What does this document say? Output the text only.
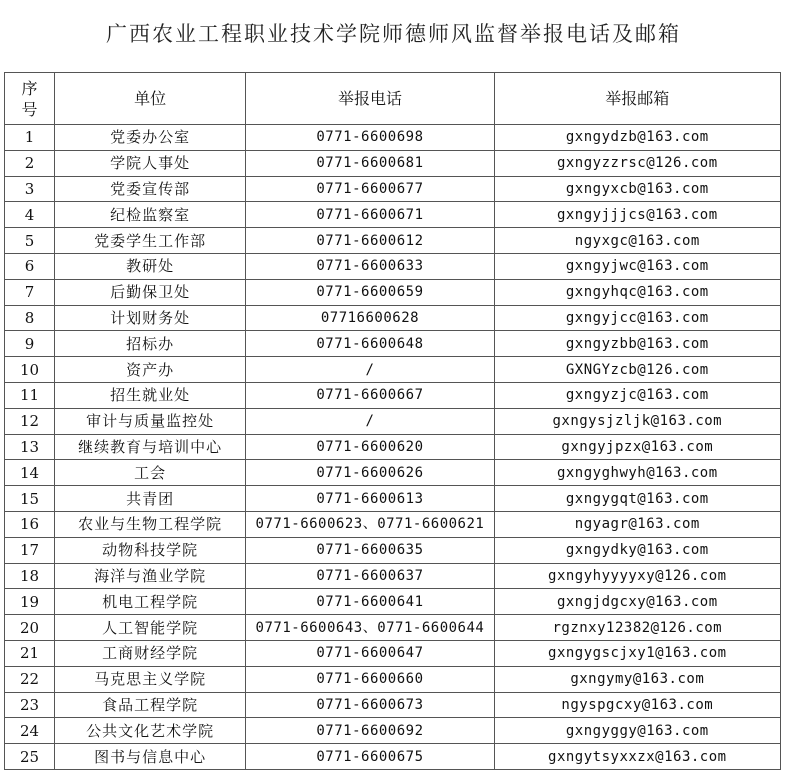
广西农业工程职业技术学院师德师风监督举报电话及邮箱
序
号	单位	举报电话	举报邮箱
1	党委办公室	0771-6600698	gxngydzb@163.com
2	学院人事处	0771-6600681	gxngyzzrsc@126.com
3	党委宣传部	0771-6600677	gxngyxcb@163.com
4	纪检监察室	0771-6600671	gxngyjjjcs@163.com
5	党委学生工作部	0771-6600612	ngyxgc@163.com
6	教研处	0771-6600633	gxngyjwc@163.com
7	后勤保卫处	0771-6600659	gxngyhqc@163.com
8	计划财务处	07716600628	gxngyjcc@163.com
9	招标办	0771-6600648	gxngyzbb@163.com
10	资产办	/	GXNGYzcb@126.com
11	招生就业处	0771-6600667	gxngyzjc@163.com
12	审计与质量监控处	/	gxngysjzljk@163.com
13	继续教育与培训中心	0771-6600620	gxngyjpzx@163.com
14	工会	0771-6600626	gxngyghwyh@163.com
15	共青团	0771-6600613	gxngygqt@163.com
16	农业与生物工程学院	0771-6600623、0771-6600621	ngyagr@163.com
17	动物科技学院	0771-6600635	gxngydky@163.com
18	海洋与渔业学院	0771-6600637	gxngyhyyyyxy@126.com
19	机电工程学院	0771-6600641	gxngjdgcxy@163.com
20	人工智能学院	0771-6600643、0771-6600644	rgznxy12382@126.com
21	工商财经学院	0771-6600647	gxngygscjxy1@163.com
22	马克思主义学院	0771-6600660	gxngymy@163.com
23	食品工程学院	0771-6600673	ngyspgcxy@163.com
24	公共文化艺术学院	0771-6600692	gxngyggy@163.com
25	图书与信息中心	0771-6600675	gxngytsyxxzx@163.com
